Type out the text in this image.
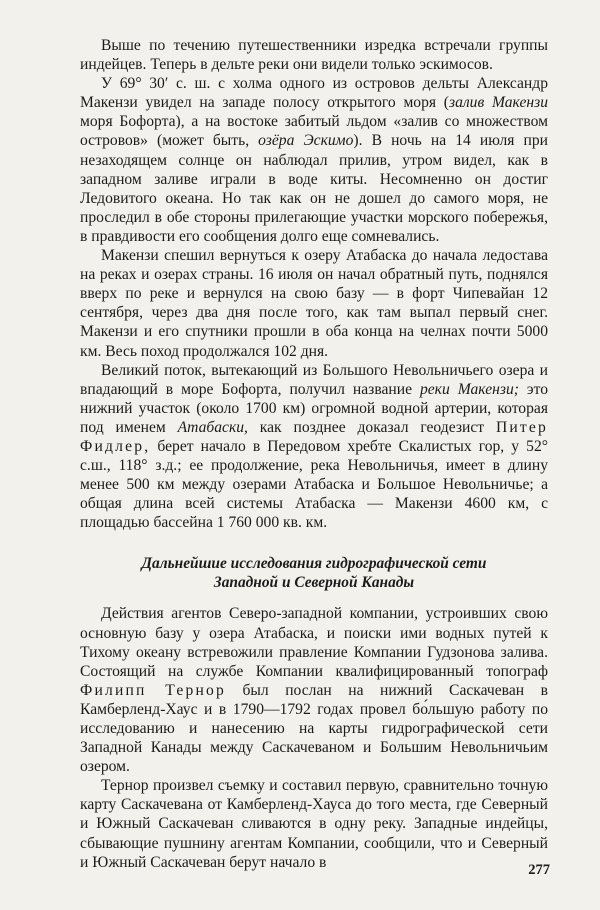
Выше по течению путешественники изредка встречали группы индейцев. Теперь в дельте реки они видели только эскимосов.

У 69° 30′ с. ш. с холма одного из островов дельты Александр Макензи увидел на западе полосу открытого моря (залив Макензи моря Бофорта), а на востоке забитый льдом «залив со множеством островов» (может быть, озёра Эскимо). В ночь на 14 июля при незаходящем солнце он наблюдал прилив, утром видел, как в западном заливе играли в воде киты. Несомненно он достиг Ледовитого океана. Но так как он не дошел до самого моря, не проследил в обе стороны прилегающие участки морского побережья, в правдивости его сообщения долго еще сомневались.

Макензи спешил вернуться к озеру Атабаска до начала ледостава на реках и озерах страны. 16 июля он начал обратный путь, поднялся вверх по реке и вернулся на свою базу — в форт Чипевайан 12 сентября, через два дня после того, как там выпал первый снег. Макензи и его спутники прошли в оба конца на челнах почти 5000 км. Весь поход продолжался 102 дня.

Великий поток, вытекающий из Большого Невольничьего озера и впадающий в море Бофорта, получил название реки Макензи; это нижний участок (около 1700 км) огромной водной артерии, которая под именем Атабаски, как позднее доказал геодезист Питер Фидлер, берет начало в Передовом хребте Скалистых гор, у 52° с.ш., 118° з.д.; ее продолжение, река Невольничья, имеет в длину менее 500 км между озерами Атабаска и Большое Невольничье; а общая длина всей системы Атабаска — Макензи 4600 км, с площадью бассейна 1 760 000 кв. км.

Дальнейшие исследования гидрографической сети
Западной и Северной Канады

Действия агентов Северо-западной компании, устроивших свою основную базу у озера Атабаска, и поиски ими водных путей к Тихому океану встревожили правление Компании Гудзонова залива. Состоящий на службе Компании квалифицированный топограф Филипп Тернор был послан на нижний Саскачеван в Камберленд-Хаус и в 1790—1792 годах провел бо́льшую работу по исследованию и нанесению на карты гидрографической сети Западной Канады между Саскачеваном и Большим Невольничьим озером.

Тернор произвел съемку и составил первую, сравнительно точную карту Саскачевана от Камберленд-Хауса до того места, где Северный и Южный Саскачеван сливаются в одну реку. Западные индейцы, сбывающие пушнину агентам Компании, сообщили, что и Северный и Южный Саскачеван берут начало в	277
